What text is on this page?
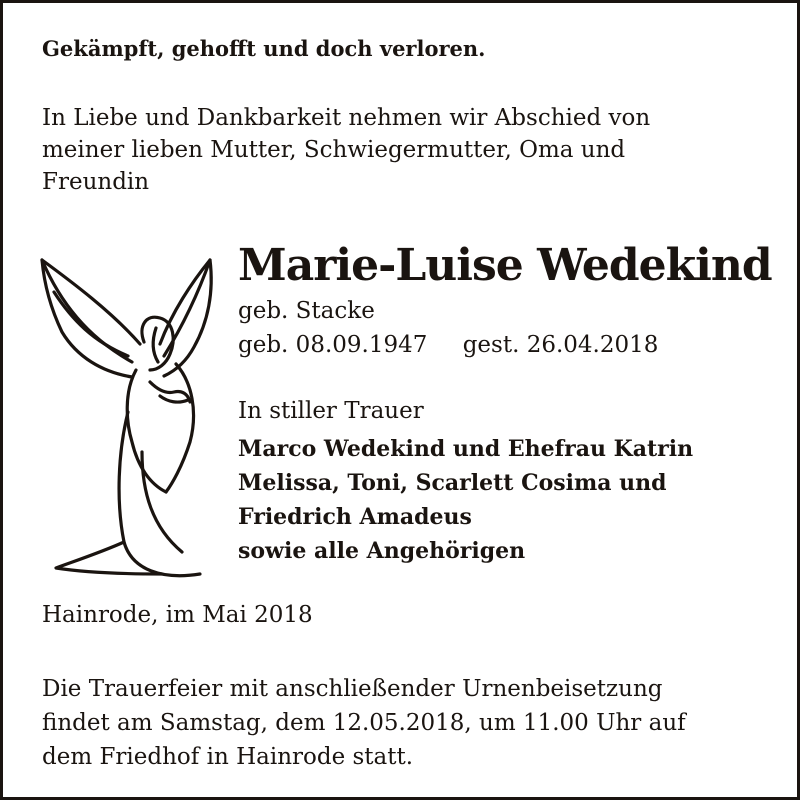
Gekämpft, gehofft und doch verloren.

In Liebe und Dankbarkeit nehmen wir Abschied von
meiner lieben Mutter, Schwiegermutter, Oma und
Freundin

Marie-Luise Wedekind
geb. Stacke
geb. 08.09.1947 gest. 26.04.2018
In stiller Trauer
Marco Wedekind und Ehefrau Katrin
Melissa, Toni, Scarlett Cosima und
Friedrich Amadeus
sowie alle Angehörigen
Hainrode, im Mai 2018

Die Trauerfeier mit anschließender Urnenbeisetzung
findet am Samstag, dem 12.05.2018, um 11.00 Uhr auf
dem Friedhof in Hainrode statt.
